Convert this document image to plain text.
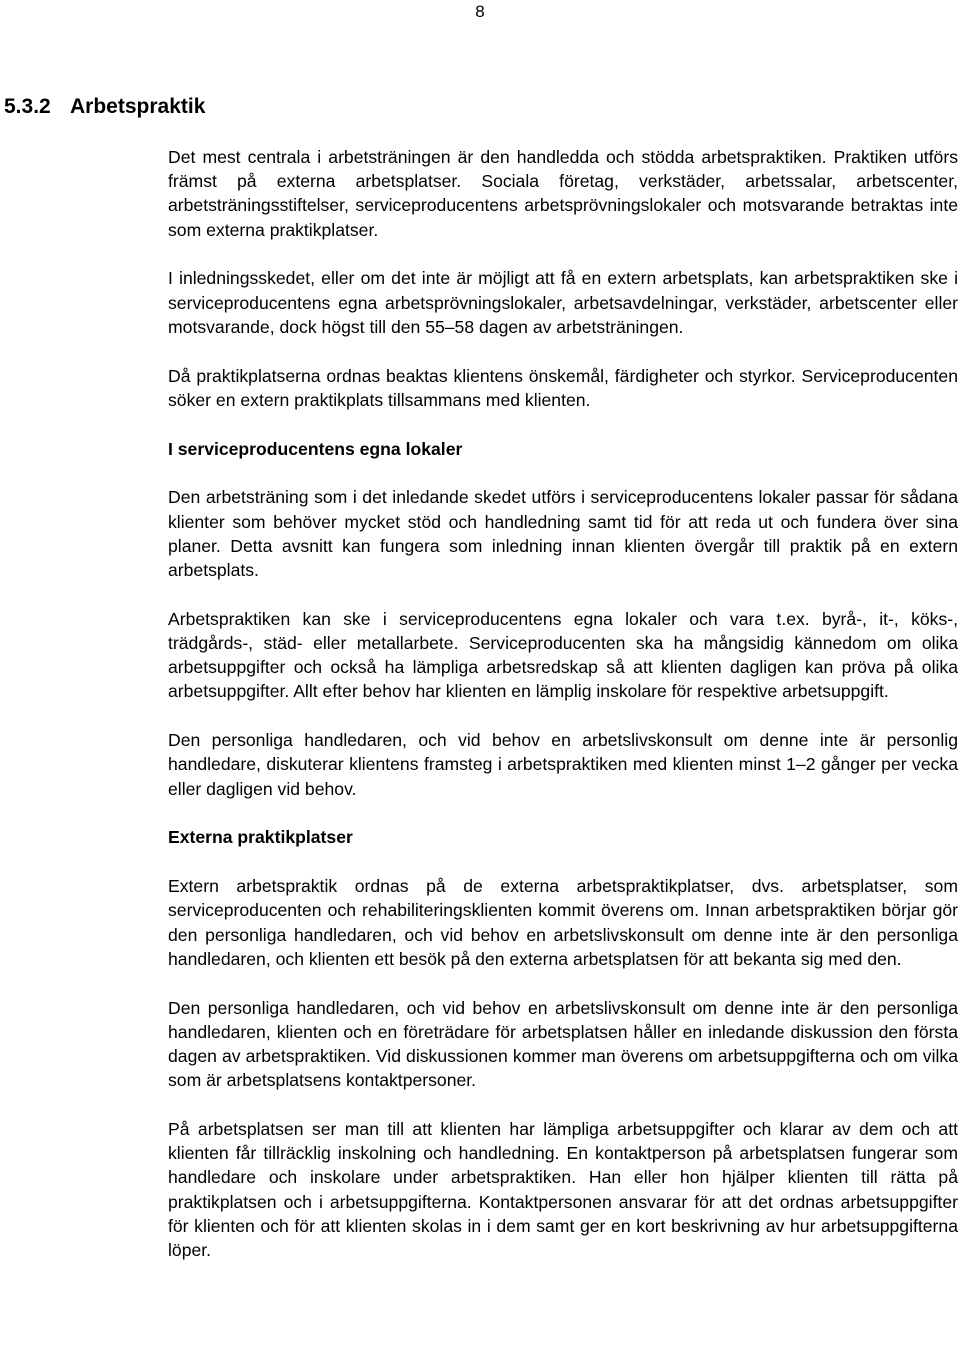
8
5.3.2 Arbetspraktik

Det mest centrala i arbetsträningen är den handledda och stödda arbetspraktiken. Praktiken utförs främst på externa arbetsplatser. Sociala företag, verkstäder, arbetssalar, arbetscenter, arbetsträningsstiftelser, serviceproducentens arbetsprövningslokaler och motsvarande betraktas inte som externa praktikplatser.

I inledningsskedet, eller om det inte är möjligt att få en extern arbetsplats, kan arbetspraktiken ske i serviceproducentens egna arbetsprövningslokaler, arbetsavdelningar, verkstäder, arbetscenter eller motsvarande, dock högst till den 55–58 dagen av arbetsträningen.

Då praktikplatserna ordnas beaktas klientens önskemål, färdigheter och styrkor. Serviceproducenten söker en extern praktikplats tillsammans med klienten.

I serviceproducentens egna lokaler

Den arbetsträning som i det inledande skedet utförs i serviceproducentens lokaler passar för sådana klienter som behöver mycket stöd och handledning samt tid för att reda ut och fundera över sina planer. Detta avsnitt kan fungera som inledning innan klienten övergår till praktik på en extern arbetsplats.

Arbetspraktiken kan ske i serviceproducentens egna lokaler och vara t.ex. byrå-, it-, köks-, trädgårds-, städ- eller metallarbete. Serviceproducenten ska ha mångsidig kännedom om olika arbetsuppgifter och också ha lämpliga arbetsredskap så att klienten dagligen kan pröva på olika arbetsuppgifter. Allt efter behov har klienten en lämplig inskolare för respektive arbetsuppgift.

Den personliga handledaren, och vid behov en arbetslivskonsult om denne inte är personlig handledare, diskuterar klientens framsteg i arbetspraktiken med klienten minst 1–2 gånger per vecka eller dagligen vid behov.

Externa praktikplatser

Extern arbetspraktik ordnas på de externa arbetspraktikplatser, dvs. arbetsplatser, som serviceproducenten och rehabiliteringsklienten kommit överens om. Innan arbetspraktiken börjar gör den personliga handledaren, och vid behov en arbetslivskonsult om denne inte är den personliga handledaren, och klienten ett besök på den externa arbetsplatsen för att bekanta sig med den.

Den personliga handledaren, och vid behov en arbetslivskonsult om denne inte är den personliga handledaren, klienten och en företrädare för arbetsplatsen håller en inledande diskussion den första dagen av arbetspraktiken. Vid diskussionen kommer man överens om arbetsuppgifterna och om vilka som är arbetsplatsens kontaktpersoner.

På arbetsplatsen ser man till att klienten har lämpliga arbetsuppgifter och klarar av dem och att klienten får tillräcklig inskolning och handledning. En kontaktperson på arbetsplatsen fungerar som handledare och inskolare under arbetspraktiken. Han eller hon hjälper klienten till rätta på praktikplatsen och i arbetsuppgifterna. Kontaktpersonen ansvarar för att det ordnas arbetsuppgifter för klienten och för att klienten skolas in i dem samt ger en kort beskrivning av hur arbetsuppgifterna löper.
